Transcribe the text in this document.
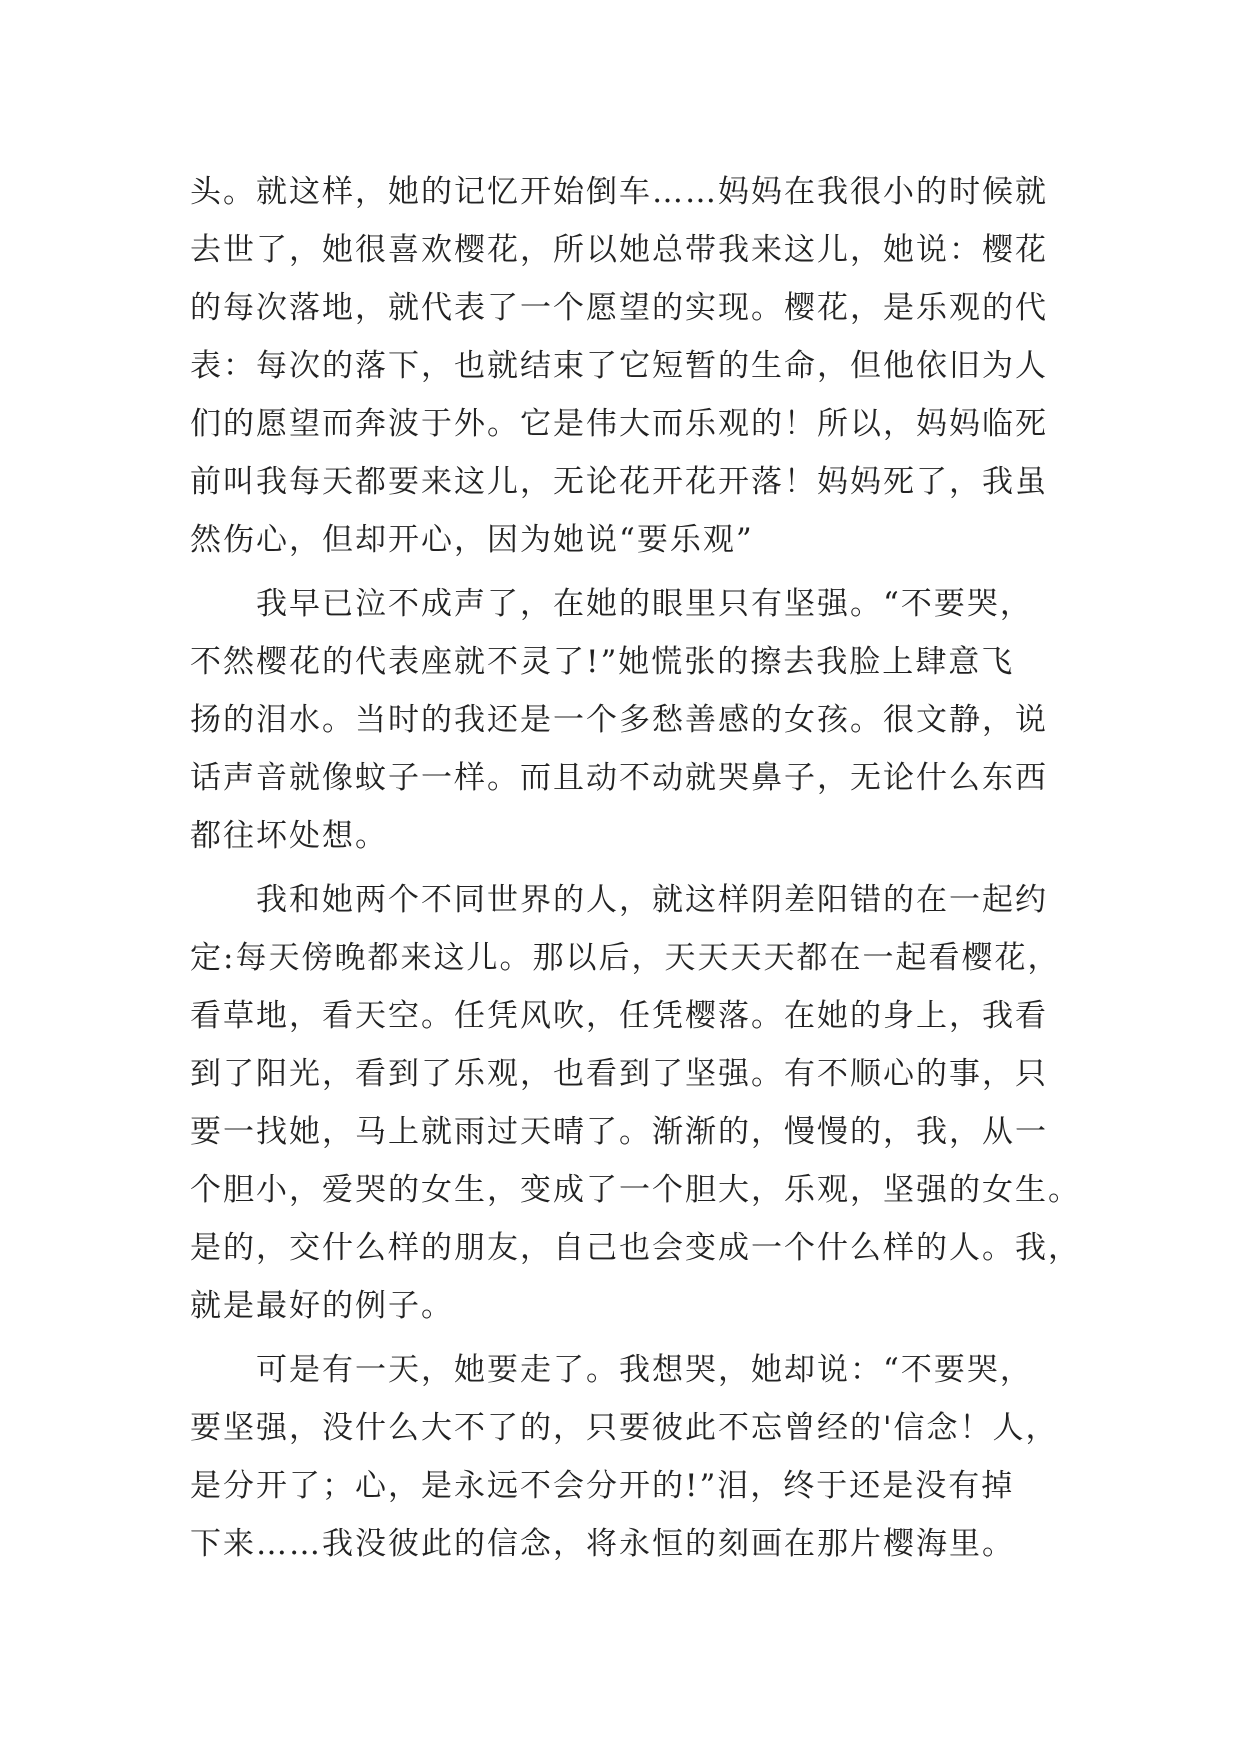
头。就这样，她的记忆开始倒车……妈妈在我很小的时候就
去世了，她很喜欢樱花，所以她总带我来这儿，她说：樱花
的每次落地，就代表了一个愿望的实现。樱花，是乐观的代
表：每次的落下，也就结束了它短暂的生命，但他依旧为人
们的愿望而奔波于外。它是伟大而乐观的！所以，妈妈临死
前叫我每天都要来这儿，无论花开花开落！妈妈死了，我虽
然伤心，但却开心，因为她说“要乐观”
我早已泣不成声了，在她的眼里只有坚强。“不要哭，
不然樱花的代表座就不灵了!”她慌张的擦去我脸上肆意飞
扬的泪水。当时的我还是一个多愁善感的女孩。很文静，说
话声音就像蚊子一样。而且动不动就哭鼻子，无论什么东西
都往坏处想。
我和她两个不同世界的人，就这样阴差阳错的在一起约
定:每天傍晚都来这儿。那以后，天天天天都在一起看樱花，
看草地，看天空。任凭风吹，任凭樱落。在她的身上，我看
到了阳光，看到了乐观，也看到了坚强。有不顺心的事，只
要一找她，马上就雨过天晴了。渐渐的，慢慢的，我，从一
个胆小，爱哭的女生，变成了一个胆大，乐观，坚强的女生。
是的，交什么样的朋友，自己也会变成一个什么样的人。我，
就是最好的例子。
可是有一天，她要走了。我想哭，她却说：“不要哭，
要坚强，没什么大不了的，只要彼此不忘曾经的'信念！人，
是分开了；心，是永远不会分开的!”泪，终于还是没有掉
下来……我没彼此的信念，将永恒的刻画在那片樱海里。
